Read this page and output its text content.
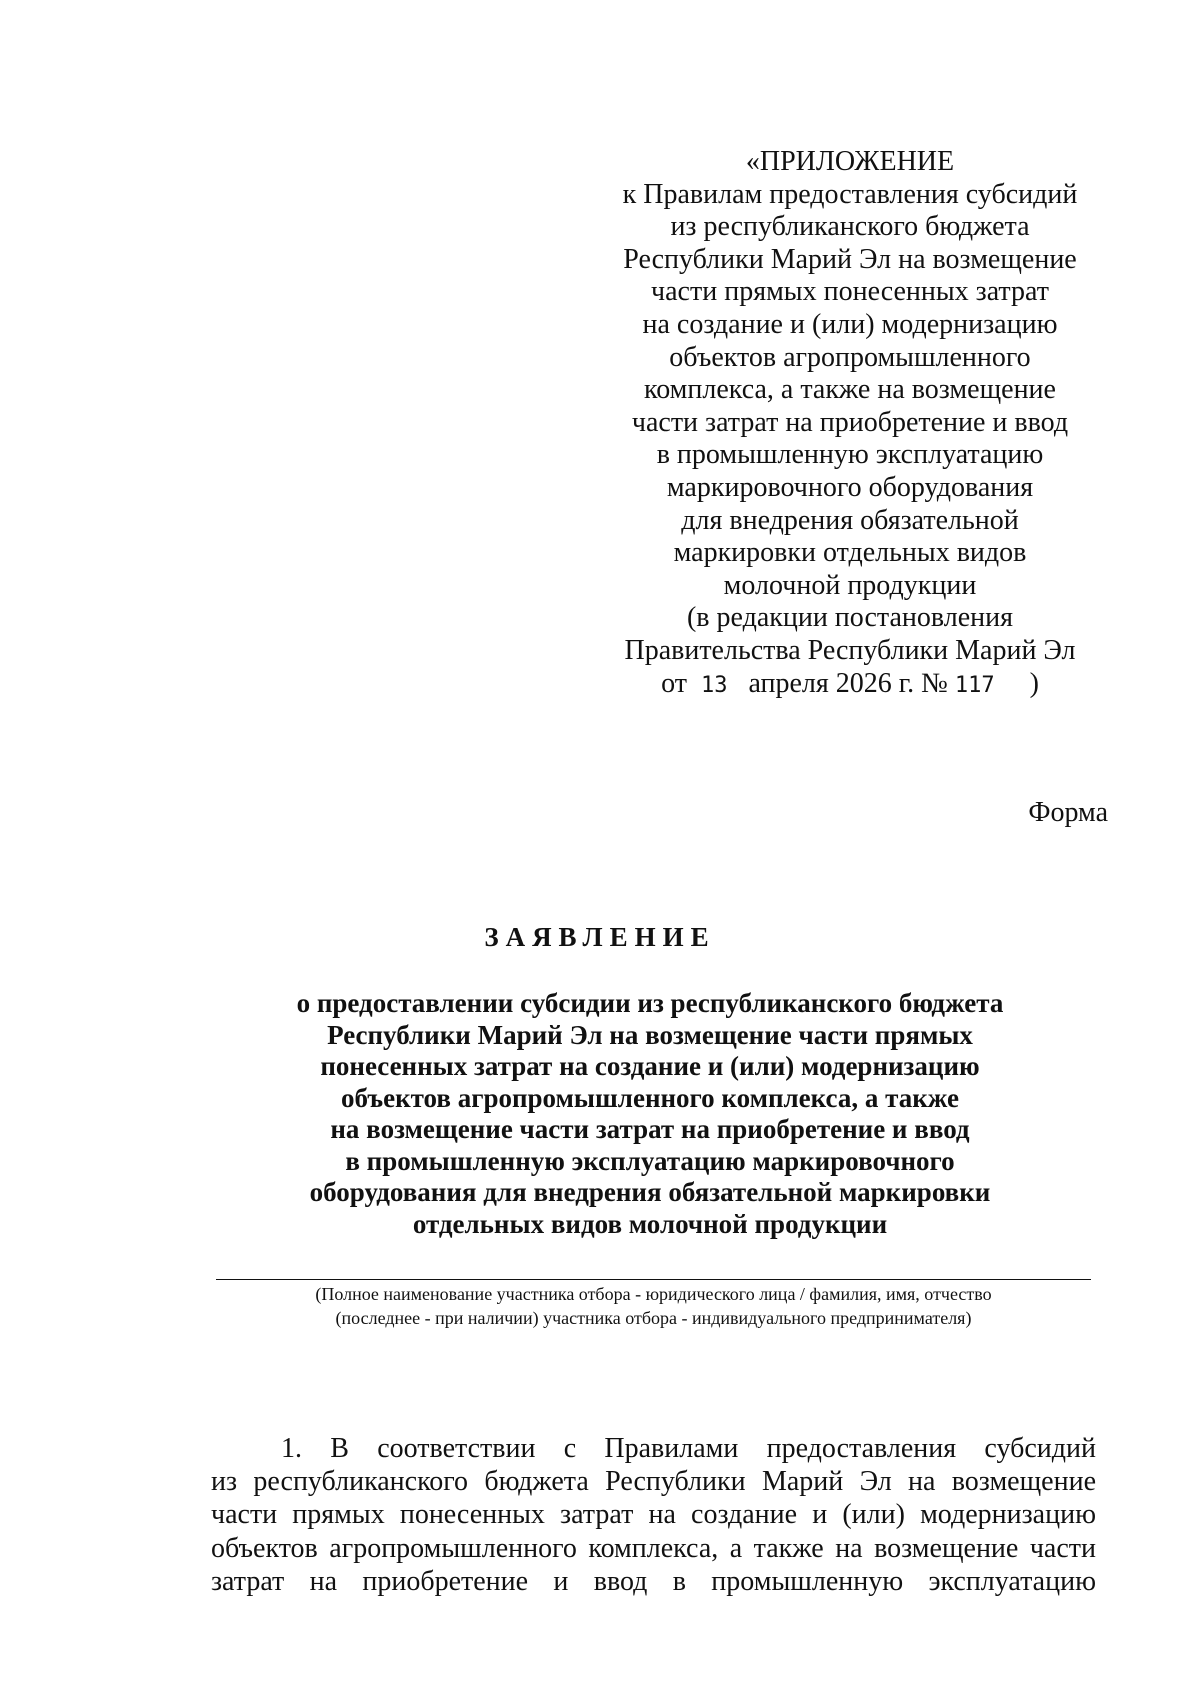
«ПРИЛОЖЕНИЕ
к Правилам предоставления субсидий
из республиканского бюджета
Республики Марий Эл на возмещение
части прямых понесенных затрат
на создание и (или) модернизацию
объектов агропромышленного
комплекса, а также на возмещение
части затрат на приобретение и ввод
в промышленную эксплуатацию
маркировочного оборудования
для внедрения обязательной
маркировки отдельных видов
молочной продукции
(в редакции постановления
Правительства Республики Марий Эл
от 13 апреля 2026 г. № 117 )
Форма
ЗАЯВЛЕНИЕ
о предоставлении субсидии из республиканского бюджета
Республики Марий Эл на возмещение части прямых
понесенных затрат на создание и (или) модернизацию
объектов агропромышленного комплекса, а также
на возмещение части затрат на приобретение и ввод
в промышленную эксплуатацию маркировочного
оборудования для внедрения обязательной маркировки
отдельных видов молочной продукции
(Полное наименование участника отбора - юридического лица / фамилия, имя, отчество
(последнее - при наличии) участника отбора - индивидуального предпринимателя)
1. В соответствии с Правилами предоставления субсидий
из республиканского бюджета Республики Марий Эл на возмещение
части прямых понесенных затрат на создание и (или) модернизацию
объектов агропромышленного комплекса, а также на возмещение части
затрат на приобретение и ввод в промышленную эксплуатацию
